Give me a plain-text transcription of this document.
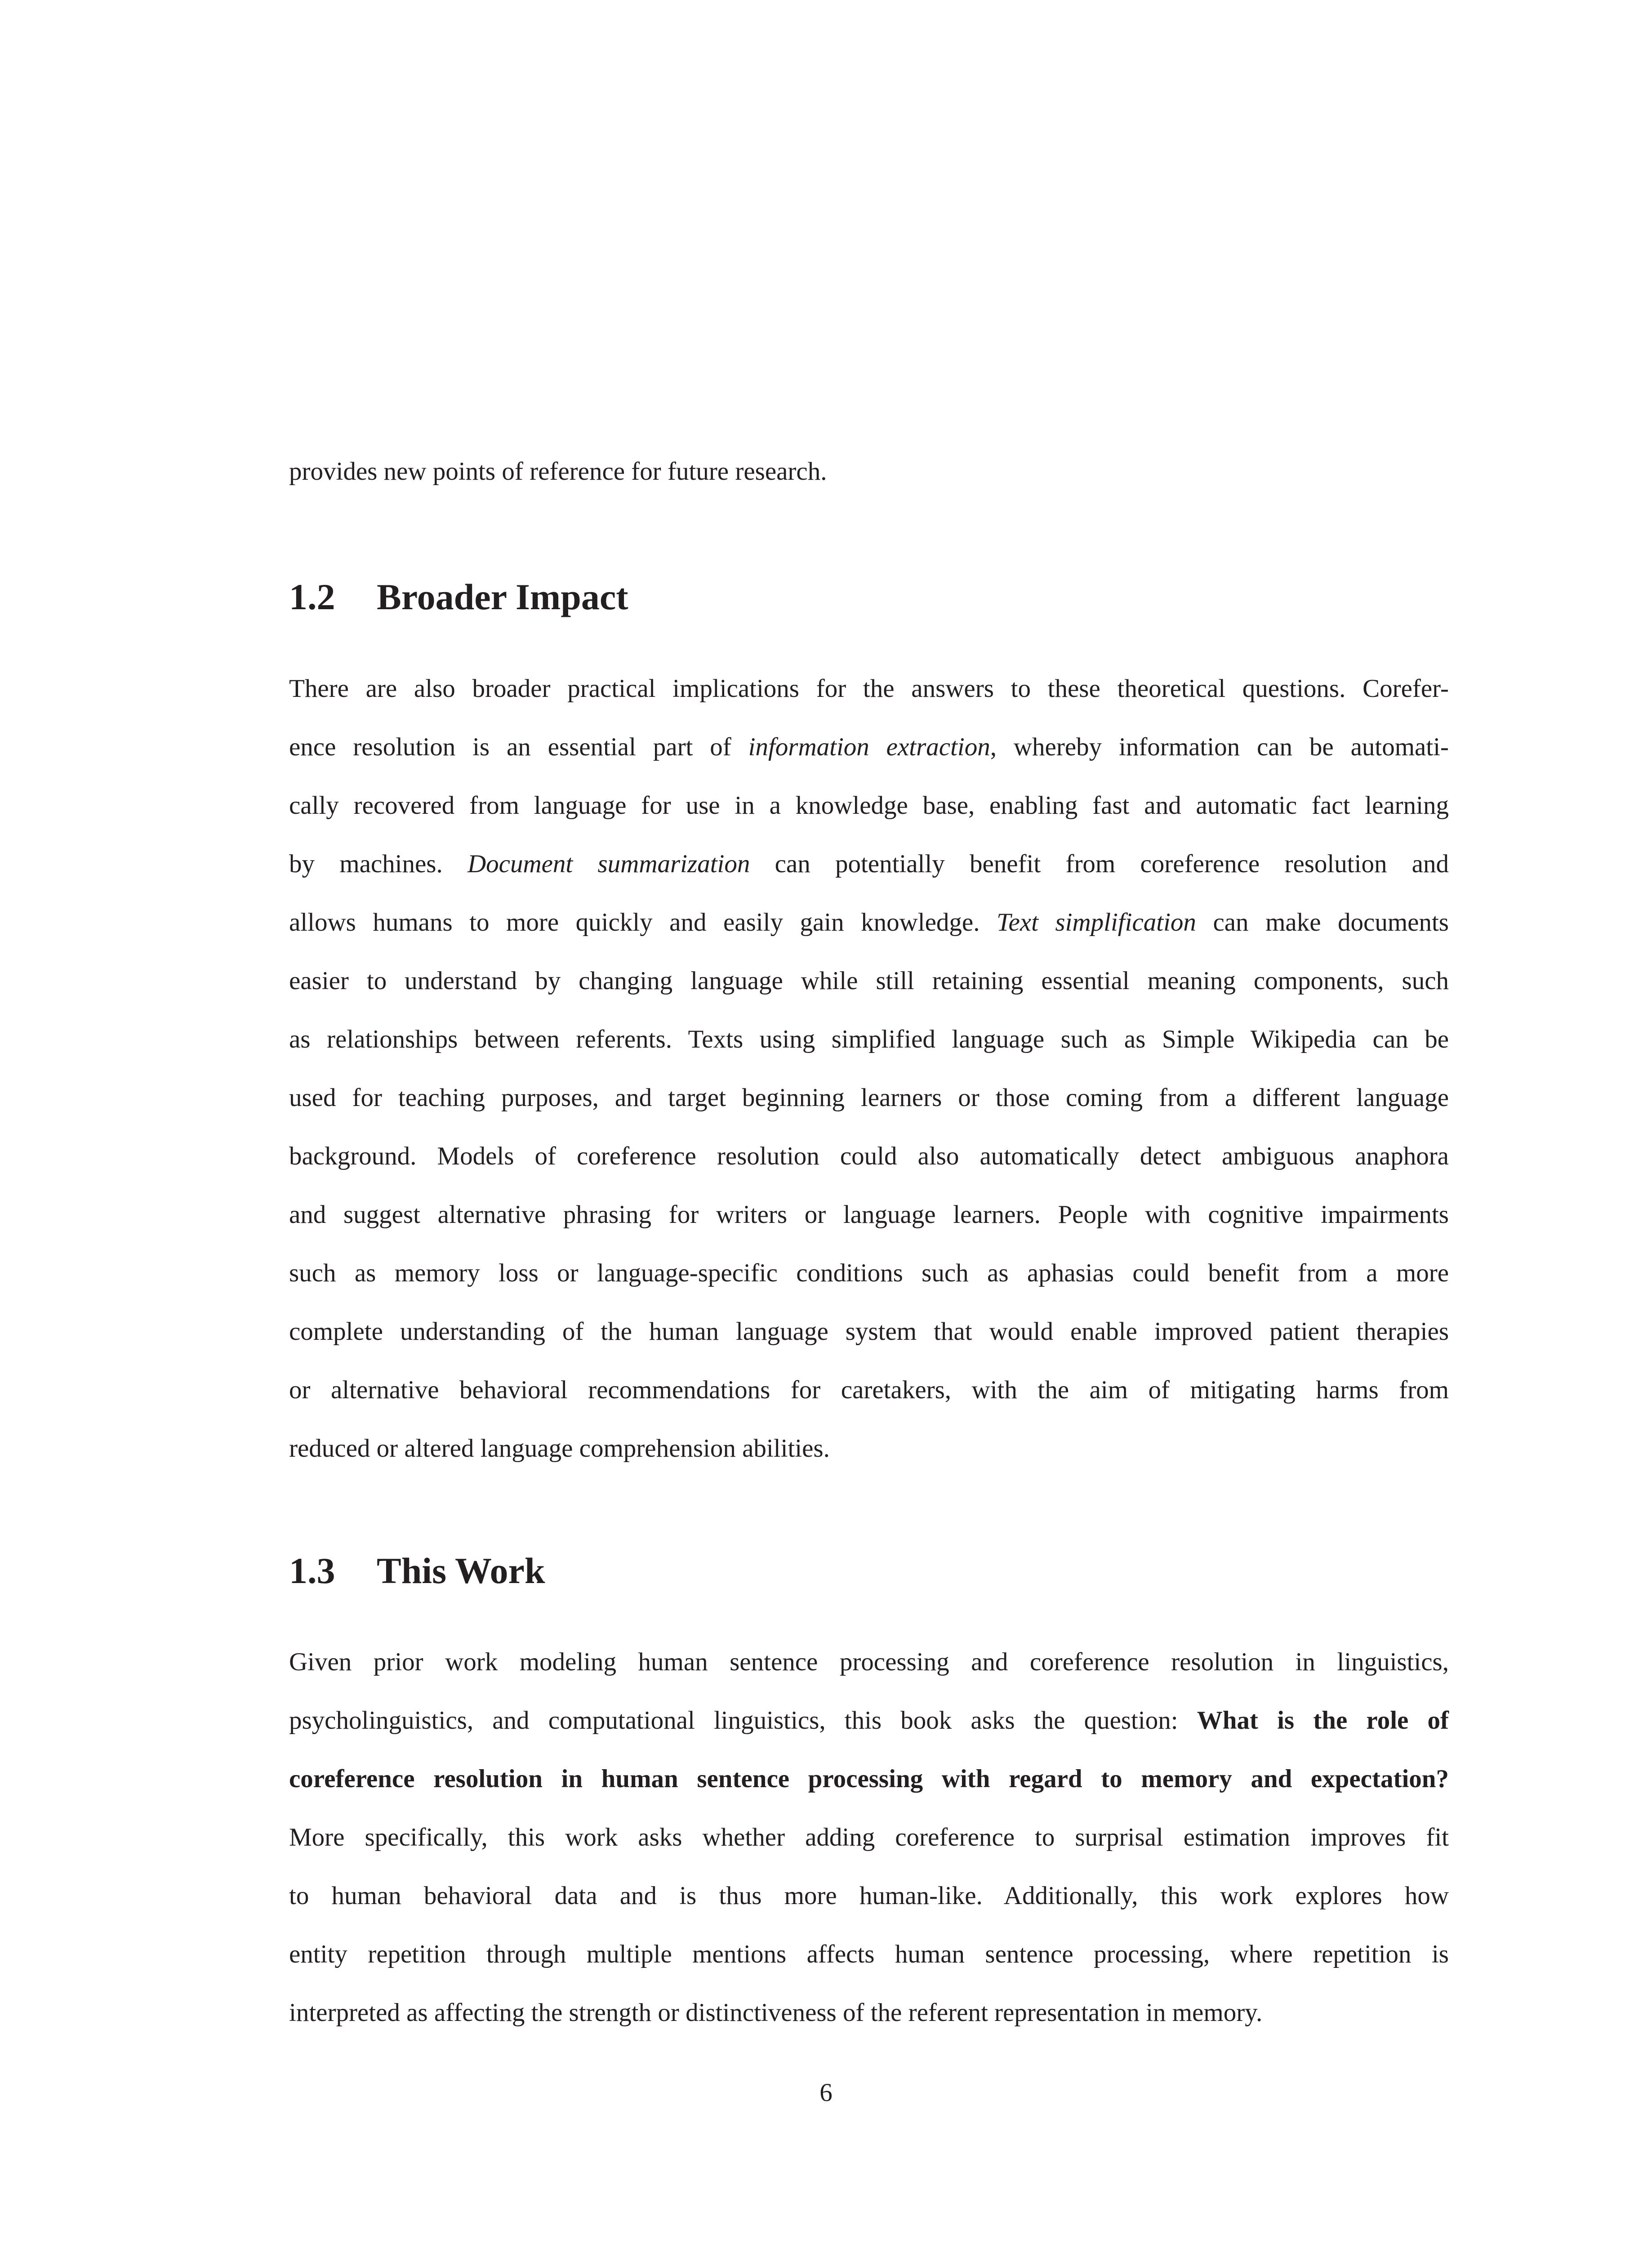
provides new points of reference for future research.

1.2 Broader Impact

There are also broader practical implications for the answers to these theoretical questions. Corefer-

ence resolution is an essential part of information extraction, whereby information can be automati-

cally recovered from language for use in a knowledge base, enabling fast and automatic fact learning

by machines. Document summarization can potentially benefit from coreference resolution and

allows humans to more quickly and easily gain knowledge. Text simplification can make documents

easier to understand by changing language while still retaining essential meaning components, such

as relationships between referents. Texts using simplified language such as Simple Wikipedia can be

used for teaching purposes, and target beginning learners or those coming from a different language

background. Models of coreference resolution could also automatically detect ambiguous anaphora

and suggest alternative phrasing for writers or language learners. People with cognitive impairments

such as memory loss or language-specific conditions such as aphasias could benefit from a more

complete understanding of the human language system that would enable improved patient therapies

or alternative behavioral recommendations for caretakers, with the aim of mitigating harms from

reduced or altered language comprehension abilities.

1.3 This Work

Given prior work modeling human sentence processing and coreference resolution in linguistics,

psycholinguistics, and computational linguistics, this book asks the question: What is the role of

coreference resolution in human sentence processing with regard to memory and expectation?

More specifically, this work asks whether adding coreference to surprisal estimation improves fit

to human behavioral data and is thus more human-like. Additionally, this work explores how

entity repetition through multiple mentions affects human sentence processing, where repetition is

interpreted as affecting the strength or distinctiveness of the referent representation in memory.

6
